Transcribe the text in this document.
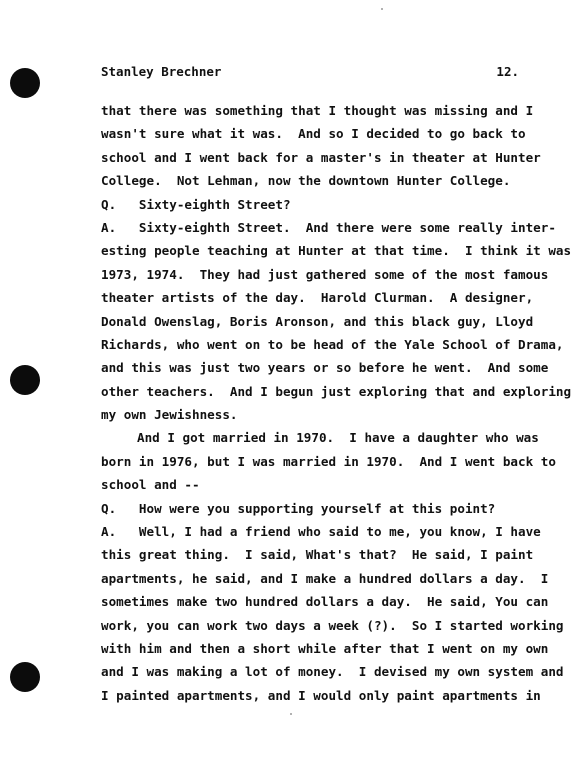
Stanley Brechner	12.
that there was something that I thought was missing and I
wasn't sure what it was.  And so I decided to go back to
school and I went back for a master's in theater at Hunter
College.  Not Lehman, now the downtown Hunter College.
Q.   Sixty-eighth Street?
A.   Sixty-eighth Street.  And there were some really inter-
esting people teaching at Hunter at that time.  I think it was
1973, 1974.  They had just gathered some of the most famous
theater artists of the day.  Harold Clurman.  A designer,
Donald Owenslag, Boris Aronson, and this black guy, Lloyd
Richards, who went on to be head of the Yale School of Drama,
and this was just two years or so before he went.  And some
other teachers.  And I begun just exploring that and exploring
my own Jewishness.
And I got married in 1970.  I have a daughter who was
born in 1976, but I was married in 1970.  And I went back to
school and --
Q.   How were you supporting yourself at this point?
A.   Well, I had a friend who said to me, you know, I have
this great thing.  I said, What's that?  He said, I paint
apartments, he said, and I make a hundred dollars a day.  I
sometimes make two hundred dollars a day.  He said, You can
work, you can work two days a week (?).  So I started working
with him and then a short while after that I went on my own
and I was making a lot of money.  I devised my own system and
I painted apartments, and I would only paint apartments in
